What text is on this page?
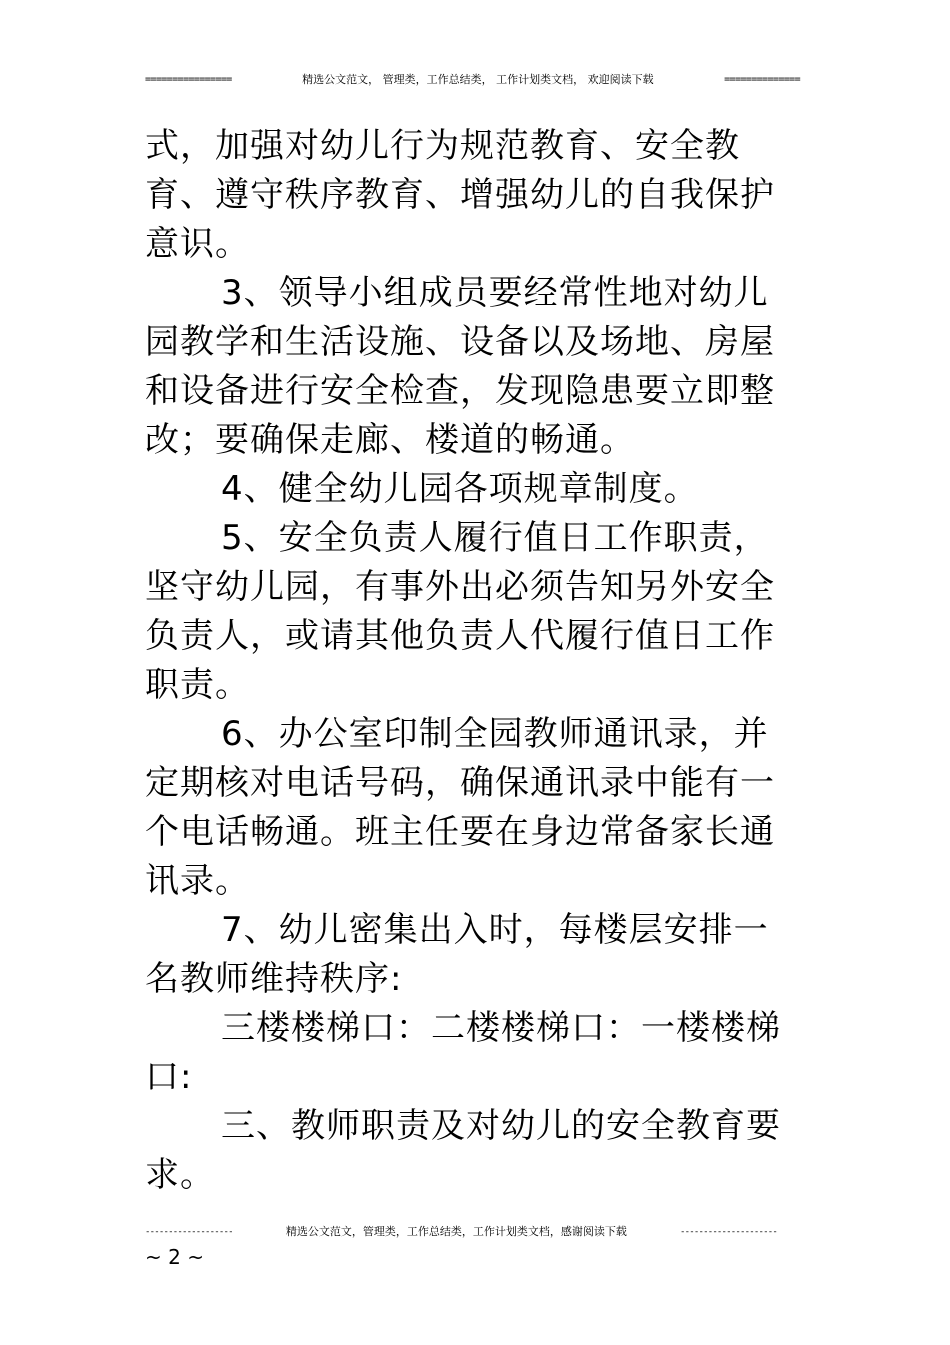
================	精选公文范文， 管理类，工作总结类， 工作计划类文档， 欢迎阅读下载	==============

式，加强对幼儿行为规范教育、安全教育、遵守秩序教育、增强幼儿的自我保护意识。

3、领导小组成员要经常性地对幼儿园教学和生活设施、设备以及场地、房屋和设备进行安全检查，发现隐患要立即整改；要确保走廊、楼道的畅通。

4、健全幼儿园各项规章制度。

5、安全负责人履行值日工作职责，坚守幼儿园，有事外出必须告知另外安全负责人，或请其他负责人代履行值日工作职责。

6、办公室印制全园教师通讯录，并定期核对电话号码，确保通讯录中能有一个电话畅通。班主任要在身边常备家长通讯录。

7、幼儿密集出入时，每楼层安排一名教师维持秩序:

三楼楼梯口：二楼楼梯口：一楼楼梯口:

三、教师职责及对幼儿的安全教育要求。

-------------------	精选公文范文，管理类，工作总结类，工作计划类文档，感谢阅读下载	---------------------
~ 2 ~
